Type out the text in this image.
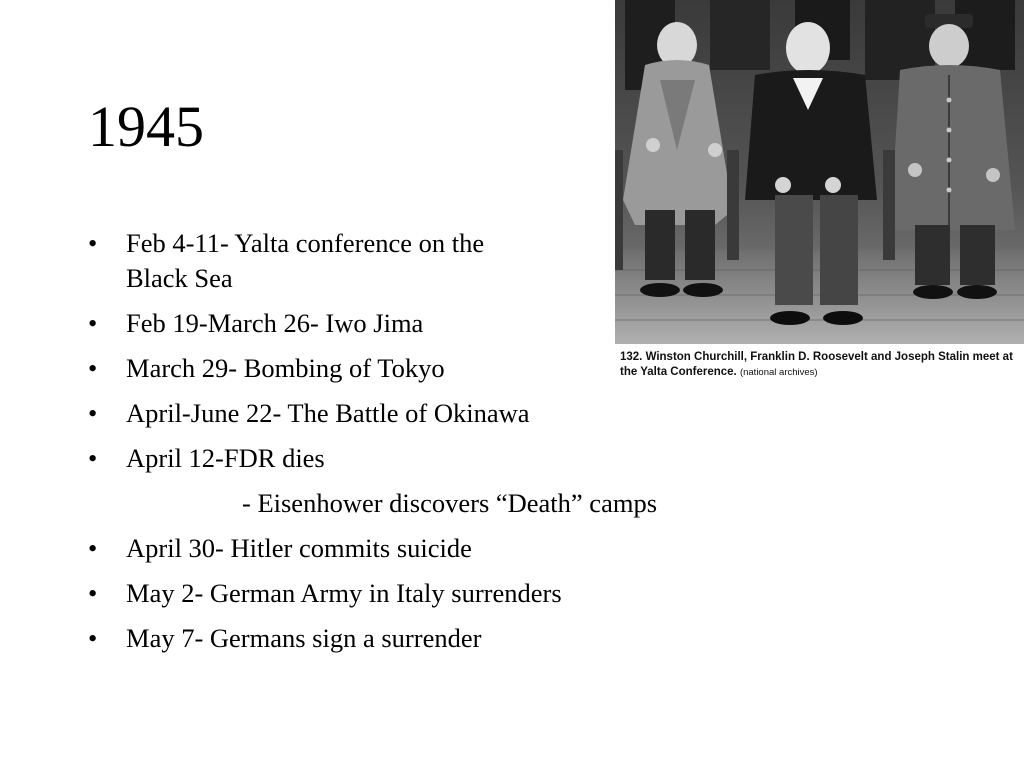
1945
• Feb 4-11- Yalta conference on the
Black Sea
• Feb 19-March 26- Iwo Jima
• March 29- Bombing of Tokyo
• April-June 22- The Battle of Okinawa
• April 12-FDR dies
- Eisenhower discovers “Death” camps
• April 30- Hitler commits suicide
• May 2- German Army in Italy surrenders
• May 7- Germans sign a surrender
132. Winston Churchill, Franklin D. Roosevelt and Joseph Stalin meet at the Yalta Conference. (national archives)
